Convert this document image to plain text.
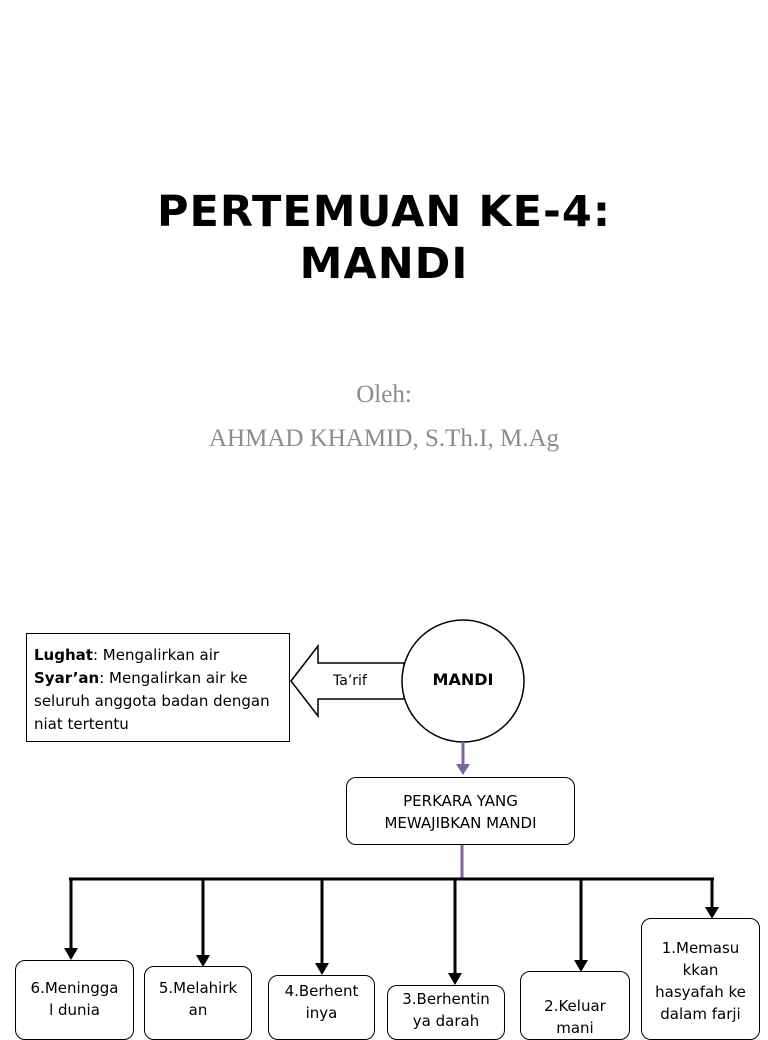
PERTEMUAN KE-4:
MANDI
Oleh:
AHMAD KHAMID, S.Th.I, M.Ag
Lughat: Mengalirkan air
Syar’an: Mengalirkan air ke seluruh anggota badan dengan niat tertentu
Ta’rif	MANDI
PERKARA YANG
MEWAJIBKAN MANDI
6.Meningga
l dunia
5.Melahirk
an
4.Berhent
inya
3.Berhentin
ya darah
2.Keluar
mani
1.Memasu
kkan
hasyafah ke
dalam farji
